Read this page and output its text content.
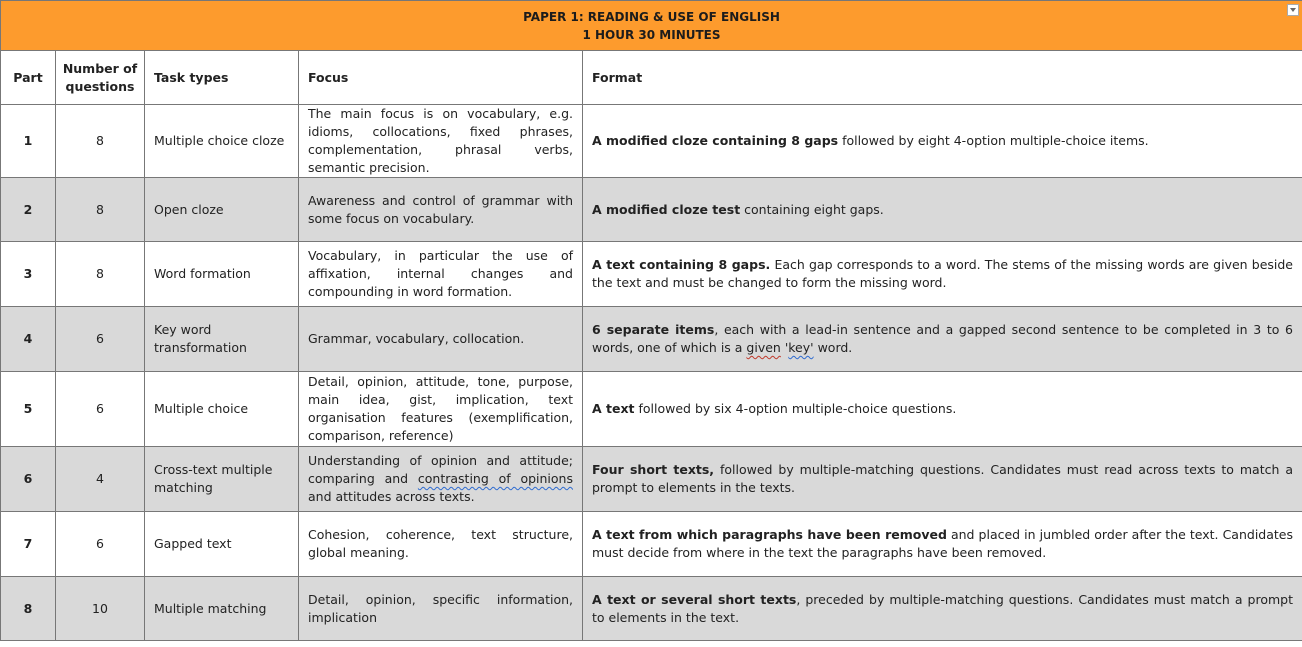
PAPER 1: READING & USE OF ENGLISH
1 HOUR 30 MINUTES				

Part	Number of questions	Task types	Focus	Format
1	8	Multiple choice cloze	The main focus is on vocabulary, e.g. idioms, collocations, fixed phrases, complementation, phrasal verbs, semantic precision.	A modified cloze containing 8 gaps followed by eight 4-option multiple-choice items.
2	8	Open cloze	Awareness and control of grammar with some focus on vocabulary.	A modified cloze test containing eight gaps.
3	8	Word formation	Vocabulary, in particular the use of affixation, internal changes and compounding in word formation.	A text containing 8 gaps. Each gap corresponds to a word. The stems of the missing words are given beside the text and must be changed to form the missing word.
4	6	Key word transformation	Grammar, vocabulary, collocation.	6 separate items, each with a lead-in sentence and a gapped second sentence to be completed in 3 to 6 words, one of which is a given 'key' word.
5	6	Multiple choice	Detail, opinion, attitude, tone, purpose, main idea, gist, implication, text organisation features (exemplification, comparison, reference)	A text followed by six 4-option multiple-choice questions.
6	4	Cross-text multiple matching	Understanding of opinion and attitude; comparing and contrasting of opinions and attitudes across texts.	Four short texts, followed by multiple-matching questions. Candidates must read across texts to match a prompt to elements in the texts.
7	6	Gapped text	Cohesion, coherence, text structure, global meaning.	A text from which paragraphs have been removed and placed in jumbled order after the text. Candidates must decide from where in the text the paragraphs have been removed.
8	10	Multiple matching	Detail, opinion, specific information, implication	A text or several short texts, preceded by multiple-matching questions. Candidates must match a prompt to elements in the text.
